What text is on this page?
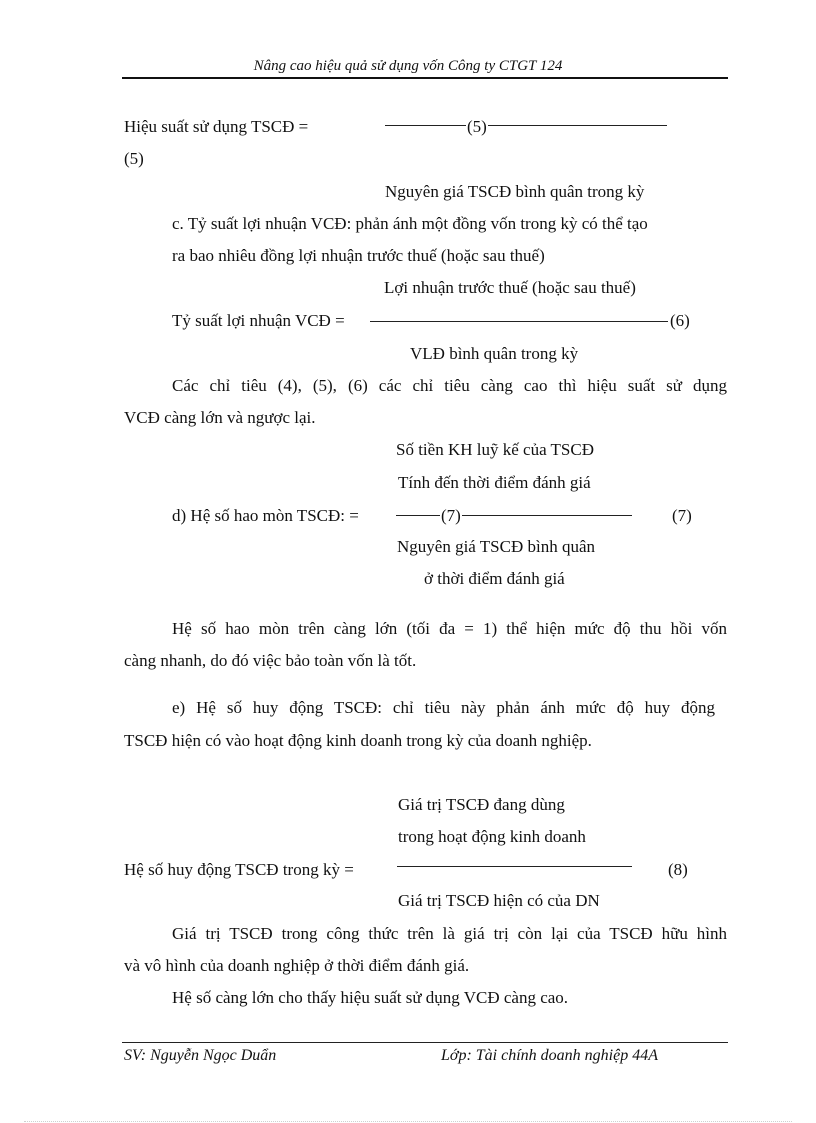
Nâng cao hiệu quả sử dụng vốn Công ty CTGT 124
Hiệu suất sử dụng TSCĐ =	(5)
(5)
Nguyên giá TSCĐ bình quân trong kỳ
c. Tỷ suất lợi nhuận VCĐ: phản ánh một đồng vốn trong kỳ có thể tạo
ra bao nhiêu đồng lợi nhuận trước thuế (hoặc sau thuế)
Lợi nhuận trước thuế (hoặc sau thuế)
Tỷ suất lợi nhuận VCĐ =	(6)
VLĐ bình quân trong kỳ
Các chỉ tiêu (4), (5), (6) các chỉ tiêu càng cao thì hiệu suất sử dụng
VCĐ càng lớn và ngược lại.
Số tiền KH luỹ kế của TSCĐ
Tính đến thời điểm đánh giá
d) Hệ số hao mòn TSCĐ: =	(7)	(7)
Nguyên giá TSCĐ bình quân
ở thời điểm đánh giá
Hệ số hao mòn trên càng lớn (tối đa = 1) thể hiện mức độ thu hồi vốn
càng nhanh, do đó việc bảo toàn vốn là tốt.
e) Hệ số huy động TSCĐ: chỉ tiêu này phản ánh mức độ huy động
TSCĐ hiện có vào hoạt động kinh doanh trong kỳ của doanh nghiệp.
Giá trị TSCĐ đang dùng
trong hoạt động kinh doanh
Hệ số huy động TSCĐ trong kỳ =	(8)
Giá trị TSCĐ hiện có của DN
Giá trị TSCĐ trong công thức trên là giá trị còn lại của TSCĐ hữu hình
và vô hình của doanh nghiệp ở thời điểm đánh giá.
Hệ số càng lớn cho thấy hiệu suất sử dụng VCĐ càng cao.
SV: Nguyễn Ngọc Duẩn	Lớp: Tài chính doanh nghiệp 44A
